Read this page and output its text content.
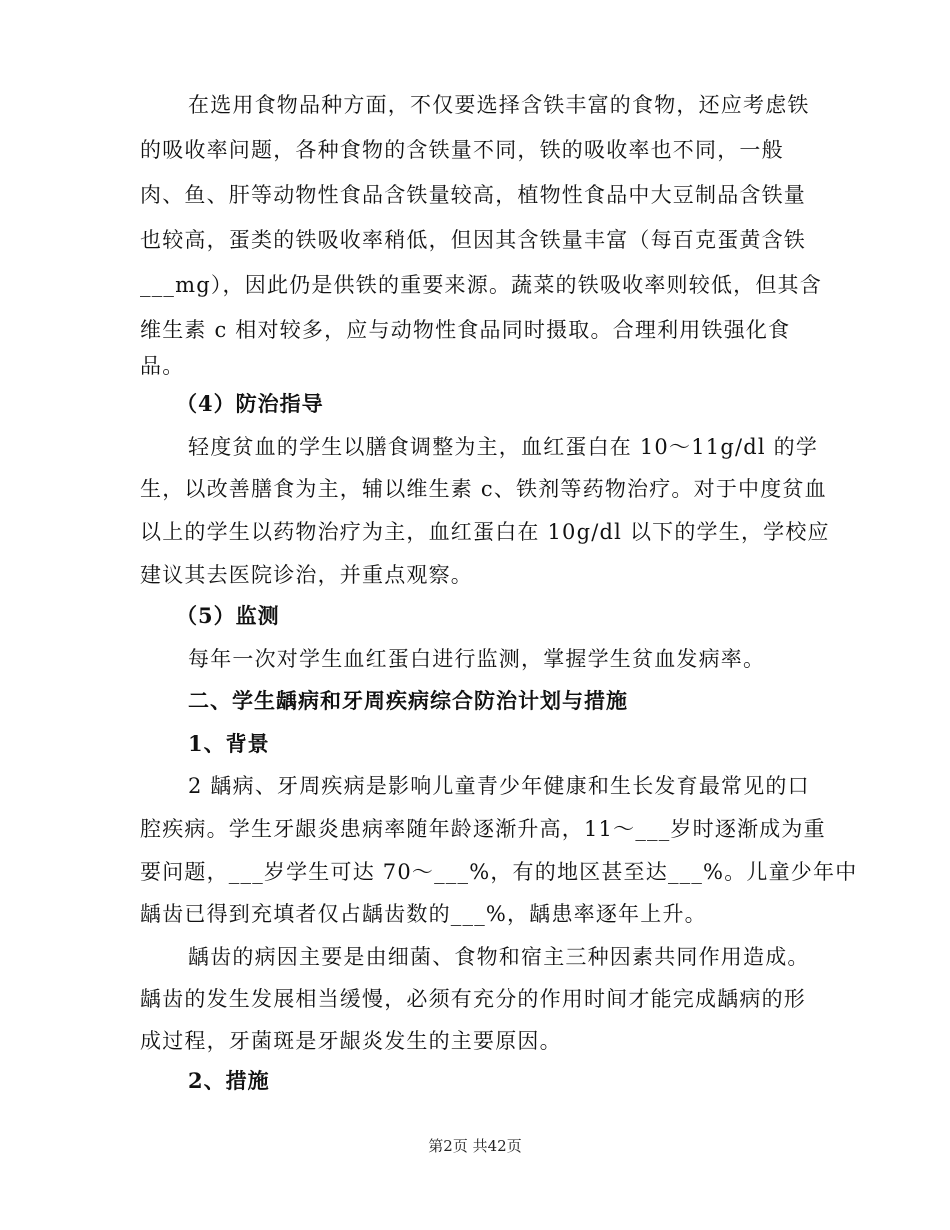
在选用食物品种方面，不仅要选择含铁丰富的食物，还应考虑铁
的吸收率问题，各种食物的含铁量不同，铁的吸收率也不同，一般
肉、鱼、肝等动物性食品含铁量较高，植物性食品中大豆制品含铁量
也较高，蛋类的铁吸收率稍低，但因其含铁量丰富（每百克蛋黄含铁
___mg），因此仍是供铁的重要来源。蔬菜的铁吸收率则较低，但其含
维生素 c 相对较多，应与动物性食品同时摄取。合理利用铁强化食
品。
（4）防治指导
轻度贫血的学生以膳食调整为主，血红蛋白在 10～11g/dl 的学
生，以改善膳食为主，辅以维生素 c、铁剂等药物治疗。对于中度贫血
以上的学生以药物治疗为主，血红蛋白在 10g/dl 以下的学生，学校应
建议其去医院诊治，并重点观察。
（5）监测
每年一次对学生血红蛋白进行监测，掌握学生贫血发病率。
二、学生龋病和牙周疾病综合防治计划与措施
1、背景
2 龋病、牙周疾病是影响儿童青少年健康和生长发育最常见的口
腔疾病。学生牙龈炎患病率随年龄逐渐升高，11～___岁时逐渐成为重
要问题，___岁学生可达 70～___%，有的地区甚至达___%。儿童少年中
龋齿已得到充填者仅占龋齿数的___%，龋患率逐年上升。
龋齿的病因主要是由细菌、食物和宿主三种因素共同作用造成。
龋齿的发生发展相当缓慢，必须有充分的作用时间才能完成龋病的形
成过程，牙菌斑是牙龈炎发生的主要原因。
2、措施
第2页 共42页
